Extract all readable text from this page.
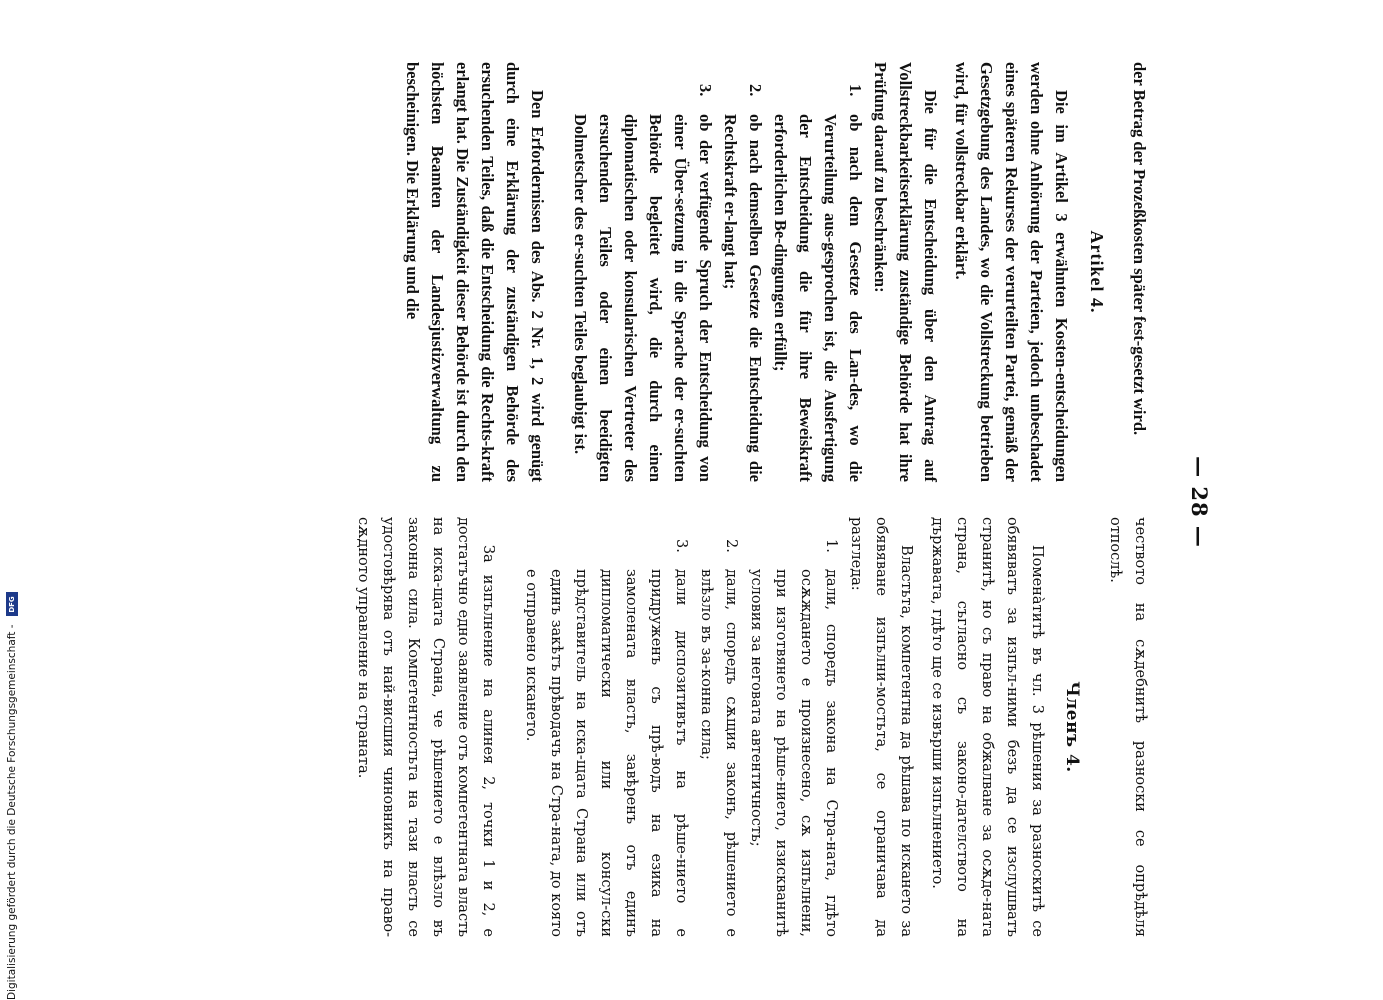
— 28 —

der Betrag der Prozeßkosten später fest-gesetzt wird.

Artikel 4.

Die im Artikel 3 erwähnten Kosten-entscheidungen werden ohne Anhörung der Parteien, jedoch unbeschadet eines späteren Rekurses der verurteilten Partei, gemäß der Gesetzgebung des Landes, wo die Vollstreckung betrieben wird, für vollstreckbar erklärt.

Die für die Entscheidung über den Antrag auf Vollstreckbarkeitserklärung zuständige Behörde hat ihre Prüfung darauf zu beschränken:

1.
ob nach dem Gesetze des Lan-des, wo die Verurteilung aus-gesprochen ist, die Ausfertigung der Entscheidung die für ihre Beweiskraft erforderlichen Be-dingungen erfüllt;
2.
ob nach demselben Gesetze die Entscheidung die Rechtskraft er-langt hat;
3.
ob der verfügende Spruch der Entscheidung von einer Über-setzung in die Sprache der er-suchten Behörde begleitet wird, die durch einen diplomatischen oder konsularischen Vertreter des ersuchenden Teiles oder einen beeidigten Dolmetscher des er-suchten Teiles beglaubigt ist.

Den Erfordernissen des Abs. 2 Nr. 1, 2 wird genügt durch eine Erklärung der zuständigen Behörde des ersuchenden Teiles, daß die Entscheidung die Rechts-kraft erlangt hat. Die Zuständigkeit dieser Behörde ist durch den höchsten Beamten der Landesjustizverwaltung zu bescheinigen. Die Erklärung und die

чеството на сѫдебнитѣ разноски се опрѣдѣля отпослѣ.

Членъ 4.

Помена̀титѣ въ чл. 3 рѣшения за разноскитѣ се обявяватъ за изпъл-ними безъ да се изслушватъ странитѣ, но съ право на обжалване за осѫде-ната страна, съгласно съ законо-дателството на държавата, гдѣто ще се извърши изпълнението.

Властьта, компетентна да рѣшава по искането за обявяване изпълни-мостьта, се ограничава да разгледа:

1.
дали, споредъ закона на Стра-ната, гдѣто осѫждането е произнесено, сѫ изпълнени, при изготвянето на рѣше-нието, изискванитѣ условия за неговата автентичность;
2.
дали, споредъ сѫщия законъ, рѣшението е влѣзло въ за-конна сила;
3.
дали диспозитивътъ на рѣше-нието е придруженъ съ прѣ-водъ на езика на замолената власть, завѣренъ отъ единъ дипломатически или консул-ски прѣдставитель на иска-щата Страна или отъ единъ закѣтъ прѣводачъ на Стра-ната, до която е отправено искането.

За изпълнение на алинея 2, точки 1 и 2, е достатъчно едно заявление отъ компетентната власть на иска-щата Страна, че рѣшението е влѣзло въ законна сила. Компетентностьта на тази власть се удостовѣрява отъ най-висшия чиновникъ на право-сѫдното управление на странатa.

Digitalisierung gefördert durch die Deutsche Forschungsgemeinschaft -
DFG
